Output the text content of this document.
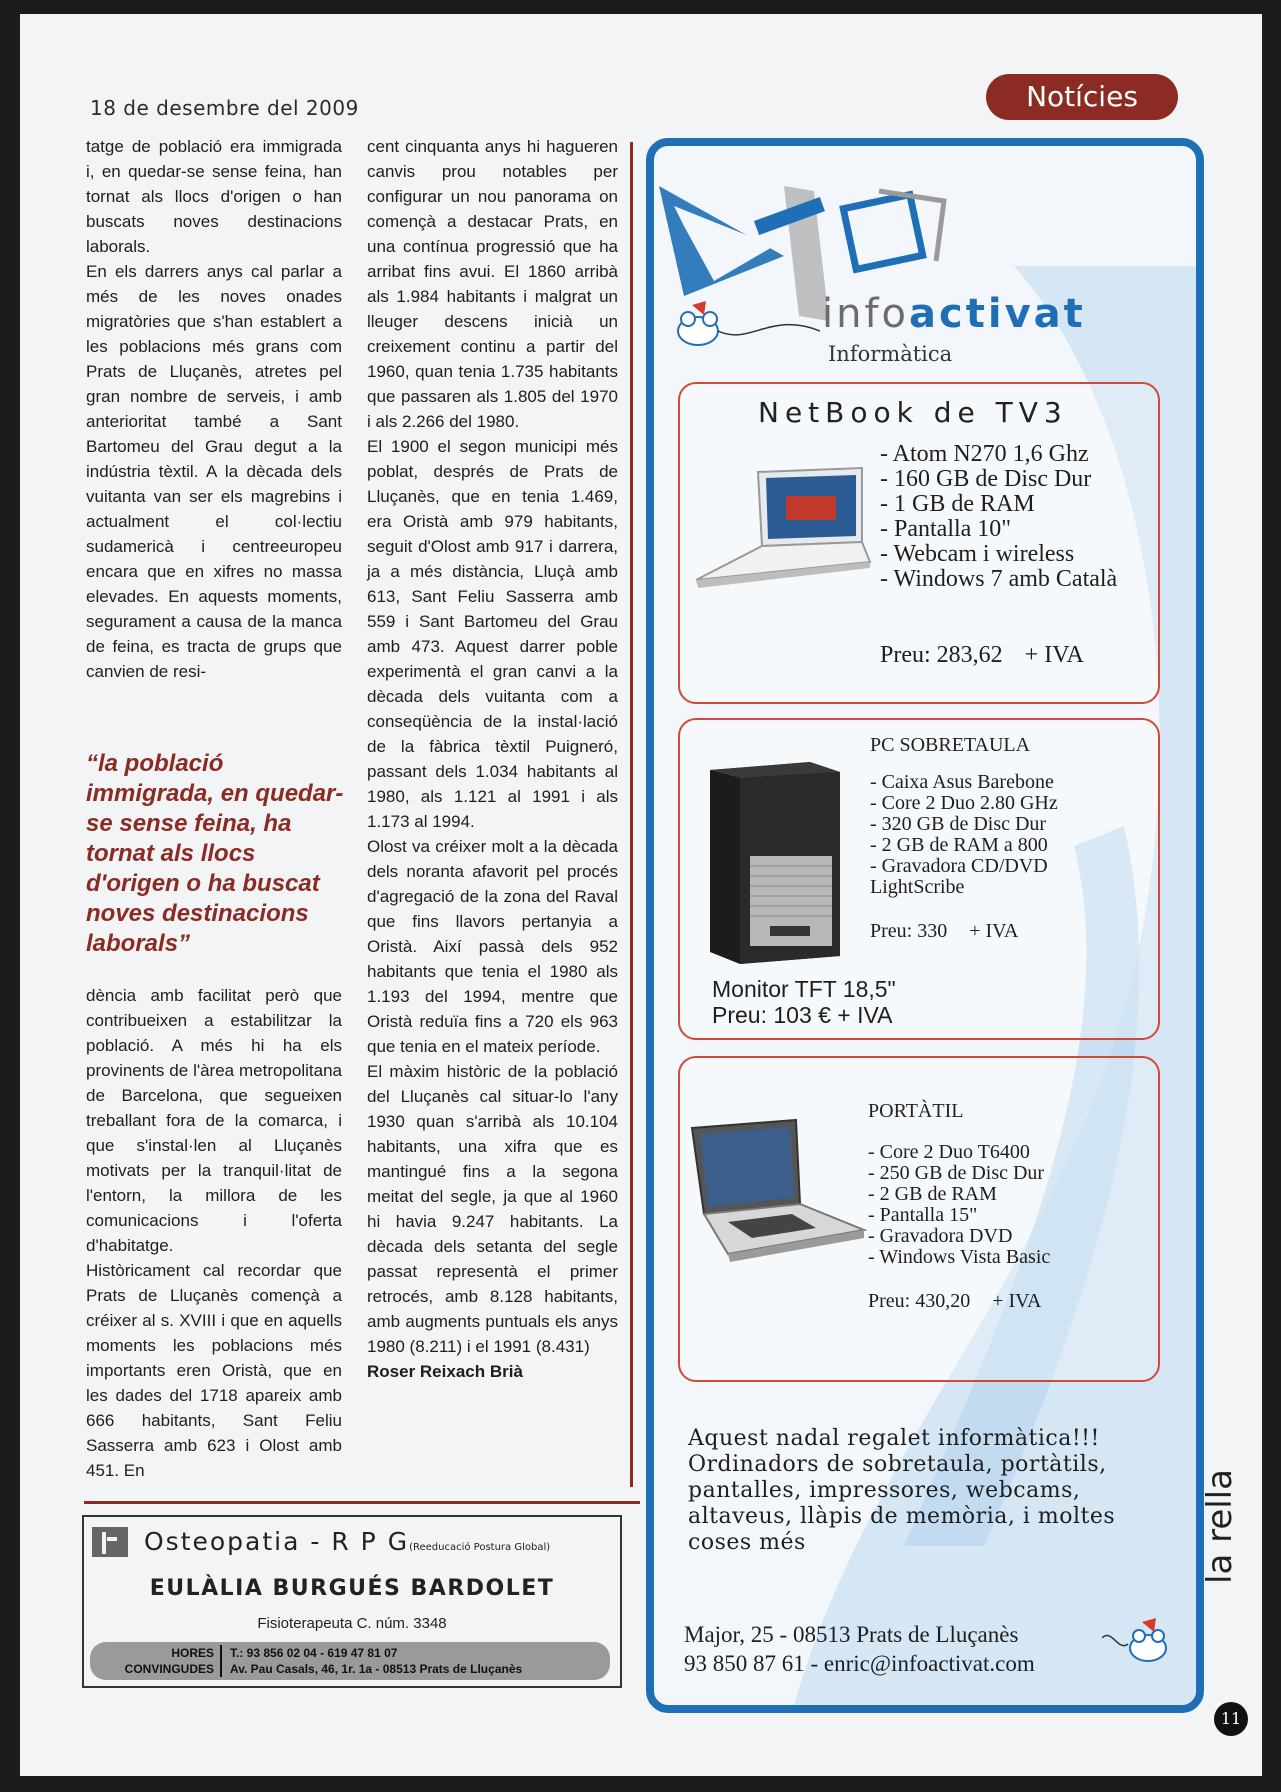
18 de desembre del 2009	Notícies

tatge de població era immigrada i, en quedar-se sense feina, han tornat als llocs d'origen o han buscats noves destinacions laborals.

En els darrers anys cal parlar a més de les noves onades migratòries que s'han establert a les poblacions més grans com Prats de Lluçanès, atretes pel gran nombre de serveis, i amb anterioritat també a Sant Bartomeu del Grau degut a la indústria tèxtil. A la dècada dels vuitanta van ser els magrebins i actualment el col·lectiu sudamericà i centreeuropeu encara que en xifres no massa elevades. En aquests moments, segurament a causa de la manca de feina, es tracta de grups que canvien de resi-

“la població immigrada, en quedar-se sense feina, ha tornat als llocs d'origen o ha buscat noves destinacions laborals”

dència amb facilitat però que contribueixen a estabilitzar la població. A més hi ha els provinents de l'àrea metropolitana de Barcelona, que segueixen treballant fora de la comarca, i que s'instal·len al Lluçanès motivats per la tranquil·litat de l'entorn, la millora de les comunicacions i l'oferta d'habitatge.

Històricament cal recordar que Prats de Lluçanès començà a créixer al s. XVIII i que en aquells moments les poblacions més importants eren Oristà, que en les dades del 1718 apareix amb 666 habitants, Sant Feliu Sasserra amb 623 i Olost amb 451. En

cent cinquanta anys hi hagueren canvis prou notables per configurar un nou panorama on començà a destacar Prats, en una contínua progressió que ha arribat fins avui. El 1860 arribà als 1.984 habitants i malgrat un lleuger descens inicià un creixement continu a partir del 1960, quan tenia 1.735 habitants que passaren als 1.805 del 1970 i als 2.266 del 1980.

El 1900 el segon municipi més poblat, després de Prats de Lluçanès, que en tenia 1.469, era Oristà amb 979 habitants, seguit d'Olost amb 917 i darrera, ja a més distància, Lluçà amb 613, Sant Feliu Sasserra amb 559 i Sant Bartomeu del Grau amb 473. Aquest darrer poble experimentà el gran canvi a la dècada dels vuitanta com a conseqüència de la instal·lació de la fàbrica tèxtil Puigneró, passant dels 1.034 habitants al 1980, als 1.121 al 1991 i als 1.173 al 1994.

Olost va créixer molt a la dècada dels noranta afavorit pel procés d'agregació de la zona del Raval que fins llavors pertanyia a Oristà. Així passà dels 952 habitants que tenia el 1980 als 1.193 del 1994, mentre que Oristà reduïa fins a 720 els 963 que tenia en el mateix període.

El màxim històric de la població del Lluçanès cal situar-lo l'any 1930 quan s'arribà als 10.104 habitants, una xifra que es mantingué fins a la segona meitat del segle, ja que al 1960 hi havia 9.247 habitants. La dècada dels setanta del segle passat representà el primer retrocés, amb 8.128 habitants, amb augments puntuals els anys 1980 (8.211) i el 1991 (8.431)

Roser Reixach Brià

Osteopatia - R P G(Reeducació Postura Global)
EULÀLIA BURGUÉS BARDOLET
Fisioterapeuta C. núm. 3348
HORES
CONVINGUDES
T.: 93 856 02 04 - 619 47 81 07
Av. Pau Casals, 46, 1r. 1a - 08513 Prats de Lluçanès
infoactivat
Informàtica
NetBook de TV3
- Atom N270 1,6 Ghz
- 160 GB de Disc Dur
- 1 GB de RAM
- Pantalla 10"
- Webcam i wireless
- Windows 7 amb Català
Preu: 283,62 + IVA
PC SOBRETAULA
- Caixa Asus Barebone
- Core 2 Duo 2.80 GHz
- 320 GB de Disc Dur
- 2 GB de RAM a 800
- Gravadora CD/DVD
LightScribe
Preu: 330 + IVA
Monitor TFT 18,5"
Preu: 103 € + IVA
PORTÀTIL
- Core 2 Duo T6400
- 250 GB de Disc Dur
- 2 GB de RAM
- Pantalla 15"
- Gravadora DVD
- Windows Vista Basic
Preu: 430,20 + IVA
Aquest nadal regalet informàtica!!! Ordinadors de sobretaula, portàtils, pantalles, impressores, webcams, altaveus, llàpis de memòria, i moltes coses més
Major, 25 - 08513 Prats de Lluçanès
93 850 87 61 - enric@infoactivat.com
la rella
11
